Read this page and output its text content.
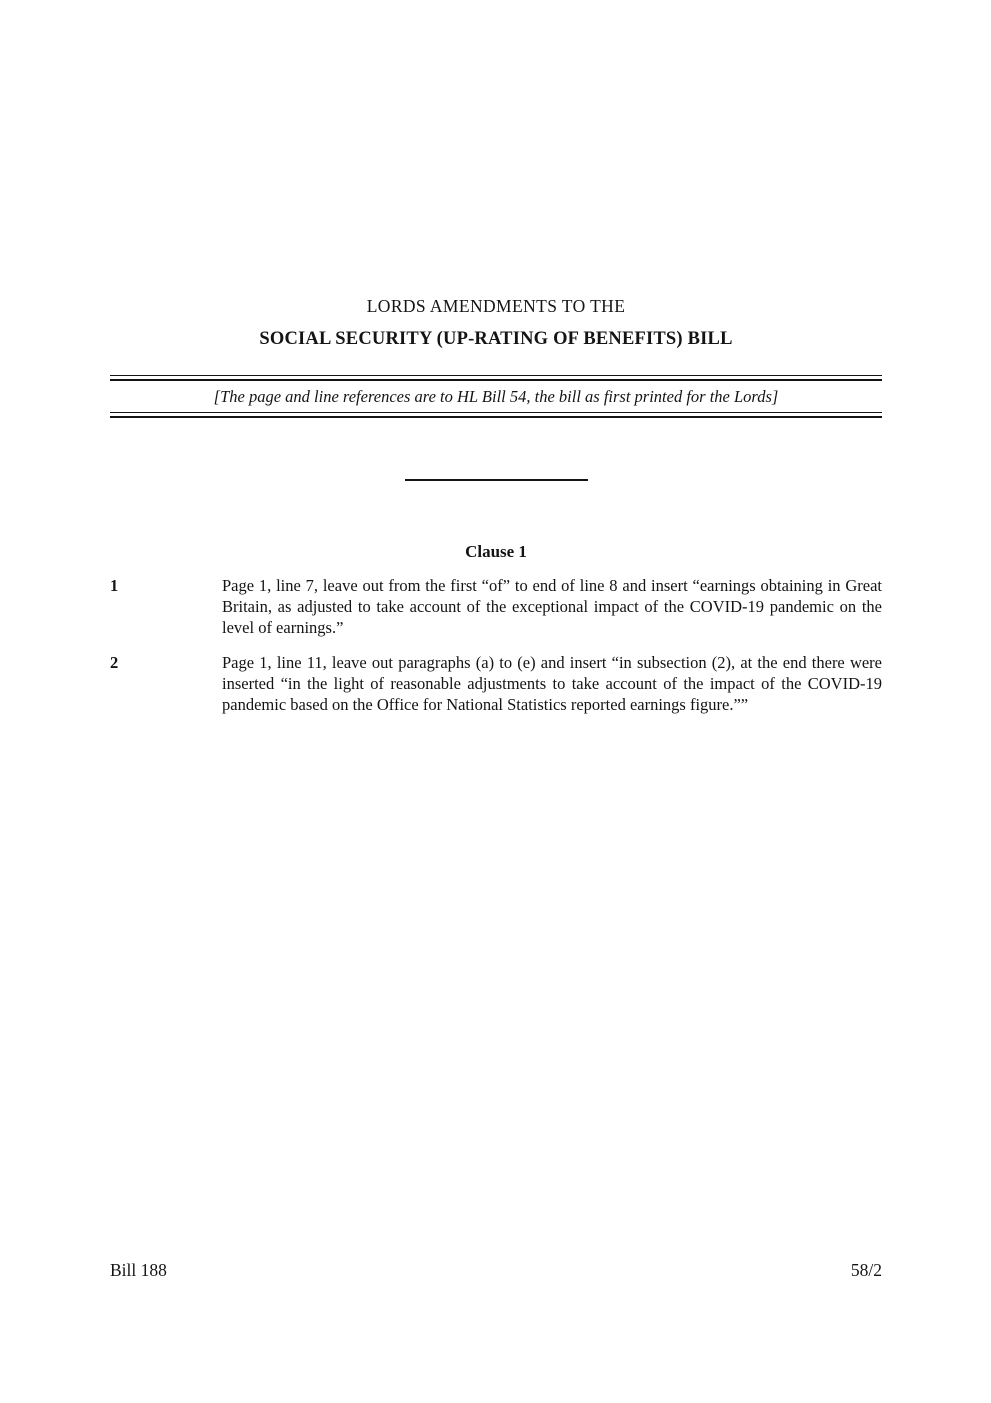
LORDS AMENDMENTS TO THE
SOCIAL SECURITY (UP-RATING OF BENEFITS) BILL
[The page and line references are to HL Bill 54, the bill as first printed for the Lords]
Clause 1
1	Page 1, line 7, leave out from the first “of” to end of line 8 and insert “earnings obtaining in Great Britain, as adjusted to take account of the exceptional impact of the COVID-19 pandemic on the level of earnings.”
2	Page 1, line 11, leave out paragraphs (a) to (e) and insert “in subsection (2), at the end there were inserted “in the light of reasonable adjustments to take account of the impact of the COVID-19 pandemic based on the Office for National Statistics reported earnings figure.””
Bill 188	58/2
